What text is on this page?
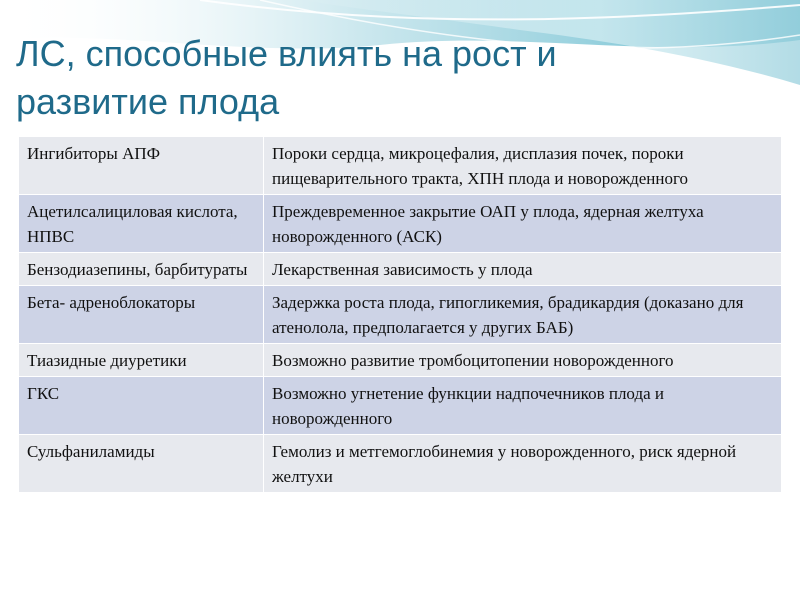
ЛС, способные влиять на рост и
развитие плода
Ингибиторы АПФ	Пороки сердца, микроцефалия, дисплазия почек, пороки пищеварительного тракта, ХПН плода и новорожденного
Ацетилсалициловая кислота, НПВС	Преждевременное закрытие ОАП у плода, ядерная желтуха новорожденного (АСК)
Бензодиазепины, барбитураты	Лекарственная зависимость у плода
Бета- адреноблокаторы	Задержка роста плода, гипогликемия, брадикардия (доказано для атенолола, предполагается у других БАБ)
Тиазидные диуретики	Возможно развитие тромбоцитопении новорожденного
ГКС	Возможно угнетение функции надпочечников плода и новорожденного
Сульфаниламиды	Гемолиз и метгемоглобинемия у новорожденного, риск ядерной желтухи
